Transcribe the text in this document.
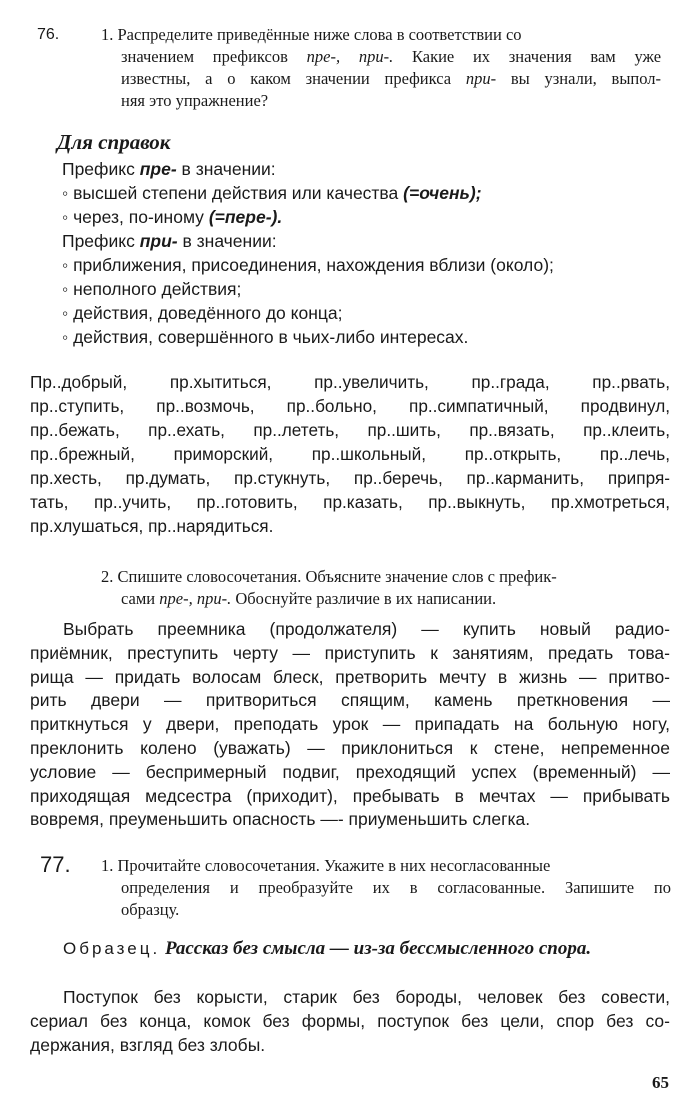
76.	1. Распределите приведённые ниже слова в соответствии со
значением префиксов пре-, при-. Какие их значения вам уже
известны, а о каком значении префикса при- вы узнали, выпол-
няя это упражнение?
Для справок
Префикс пре- в значении:
◦ высшей степени действия или качества (=очень);
◦ через, по-иному (=пере-).
Префикс при- в значении:
◦ приближения, присоединения, нахождения вблизи (около);
◦ неполного действия;
◦ действия, доведённого до конца;
◦ действия, совершённого в чьих-либо интересах.
Пр..добрый, пр.хытиться, пр..увеличить, пр..града, пр..рвать,
пр..ступить, пр..возмочь, пр..больно, пр..симпатичный, продвинул,
пр..бежать, пр..ехать, пр..лететь, пр..шить, пр..вязать, пр..клеить,
пр..брежный, приморский, пр..школьный, пр..открыть, пр..лечь,
пр.хесть, пр.думать, пр.стукнуть, пр..беречь, пр..карманить, припря-
тать, пр..учить, пр..готовить, пр.казать, пр..выкнуть, пр.хмотреться,
пр.хлушаться, пр..нарядиться.
2. Спишите словосочетания. Объясните значение слов с префик-
сами пре-, при-. Обоснуйте различие в их написании.
Выбрать преемника (продолжателя) — купить новый радио-
приёмник, преступить черту — приступить к занятиям, предать това-
рища — придать волосам блеск, претворить мечту в жизнь — притво-
рить двери — притвориться спящим, камень преткновения —
приткнуться у двери, преподать урок — припадать на больную ногу,
преклонить колено (уважать) — приклониться к стене, непременное
условие — беспримерный подвиг, преходящий успех (временный) —
приходящая медсестра (приходит), пребывать в мечтах — прибывать
вовремя, преуменьшить опасность —- приуменьшить слегка.
77. 1. Прочитайте словосочетания. Укажите в них несогласованные
определения и преобразуйте их в согласованные. Запишите по
образцу.
Образец. Рассказ без смысла — из-за бессмысленного спора.
Поступок без корысти, старик без бороды, человек без совести,
сериал без конца, комок без формы, поступок без цели, спор без со-
держания, взгляд без злобы.
65
